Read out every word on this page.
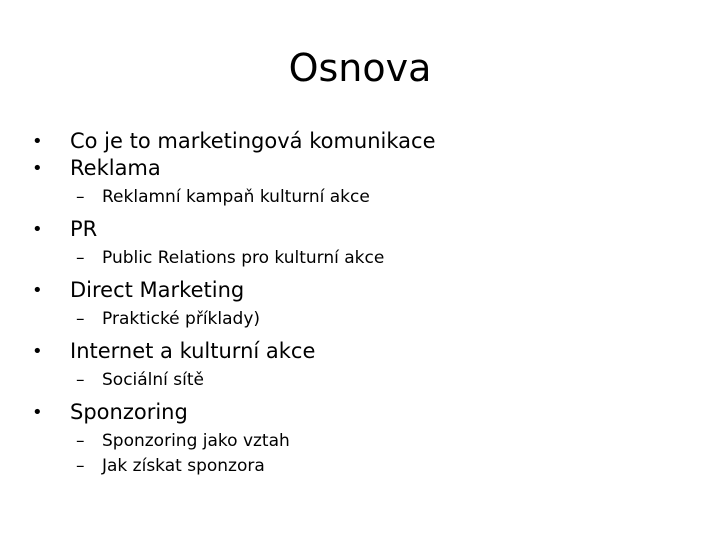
Osnova
• Co je to marketingová komunikace
• Reklama
– Reklamní kampaň kulturní akce
• PR
– Public Relations pro kulturní akce
• Direct Marketing
– Praktické příklady)
• Internet a kulturní akce
– Sociální sítě
• Sponzoring
– Sponzoring jako vztah
– Jak získat sponzora
